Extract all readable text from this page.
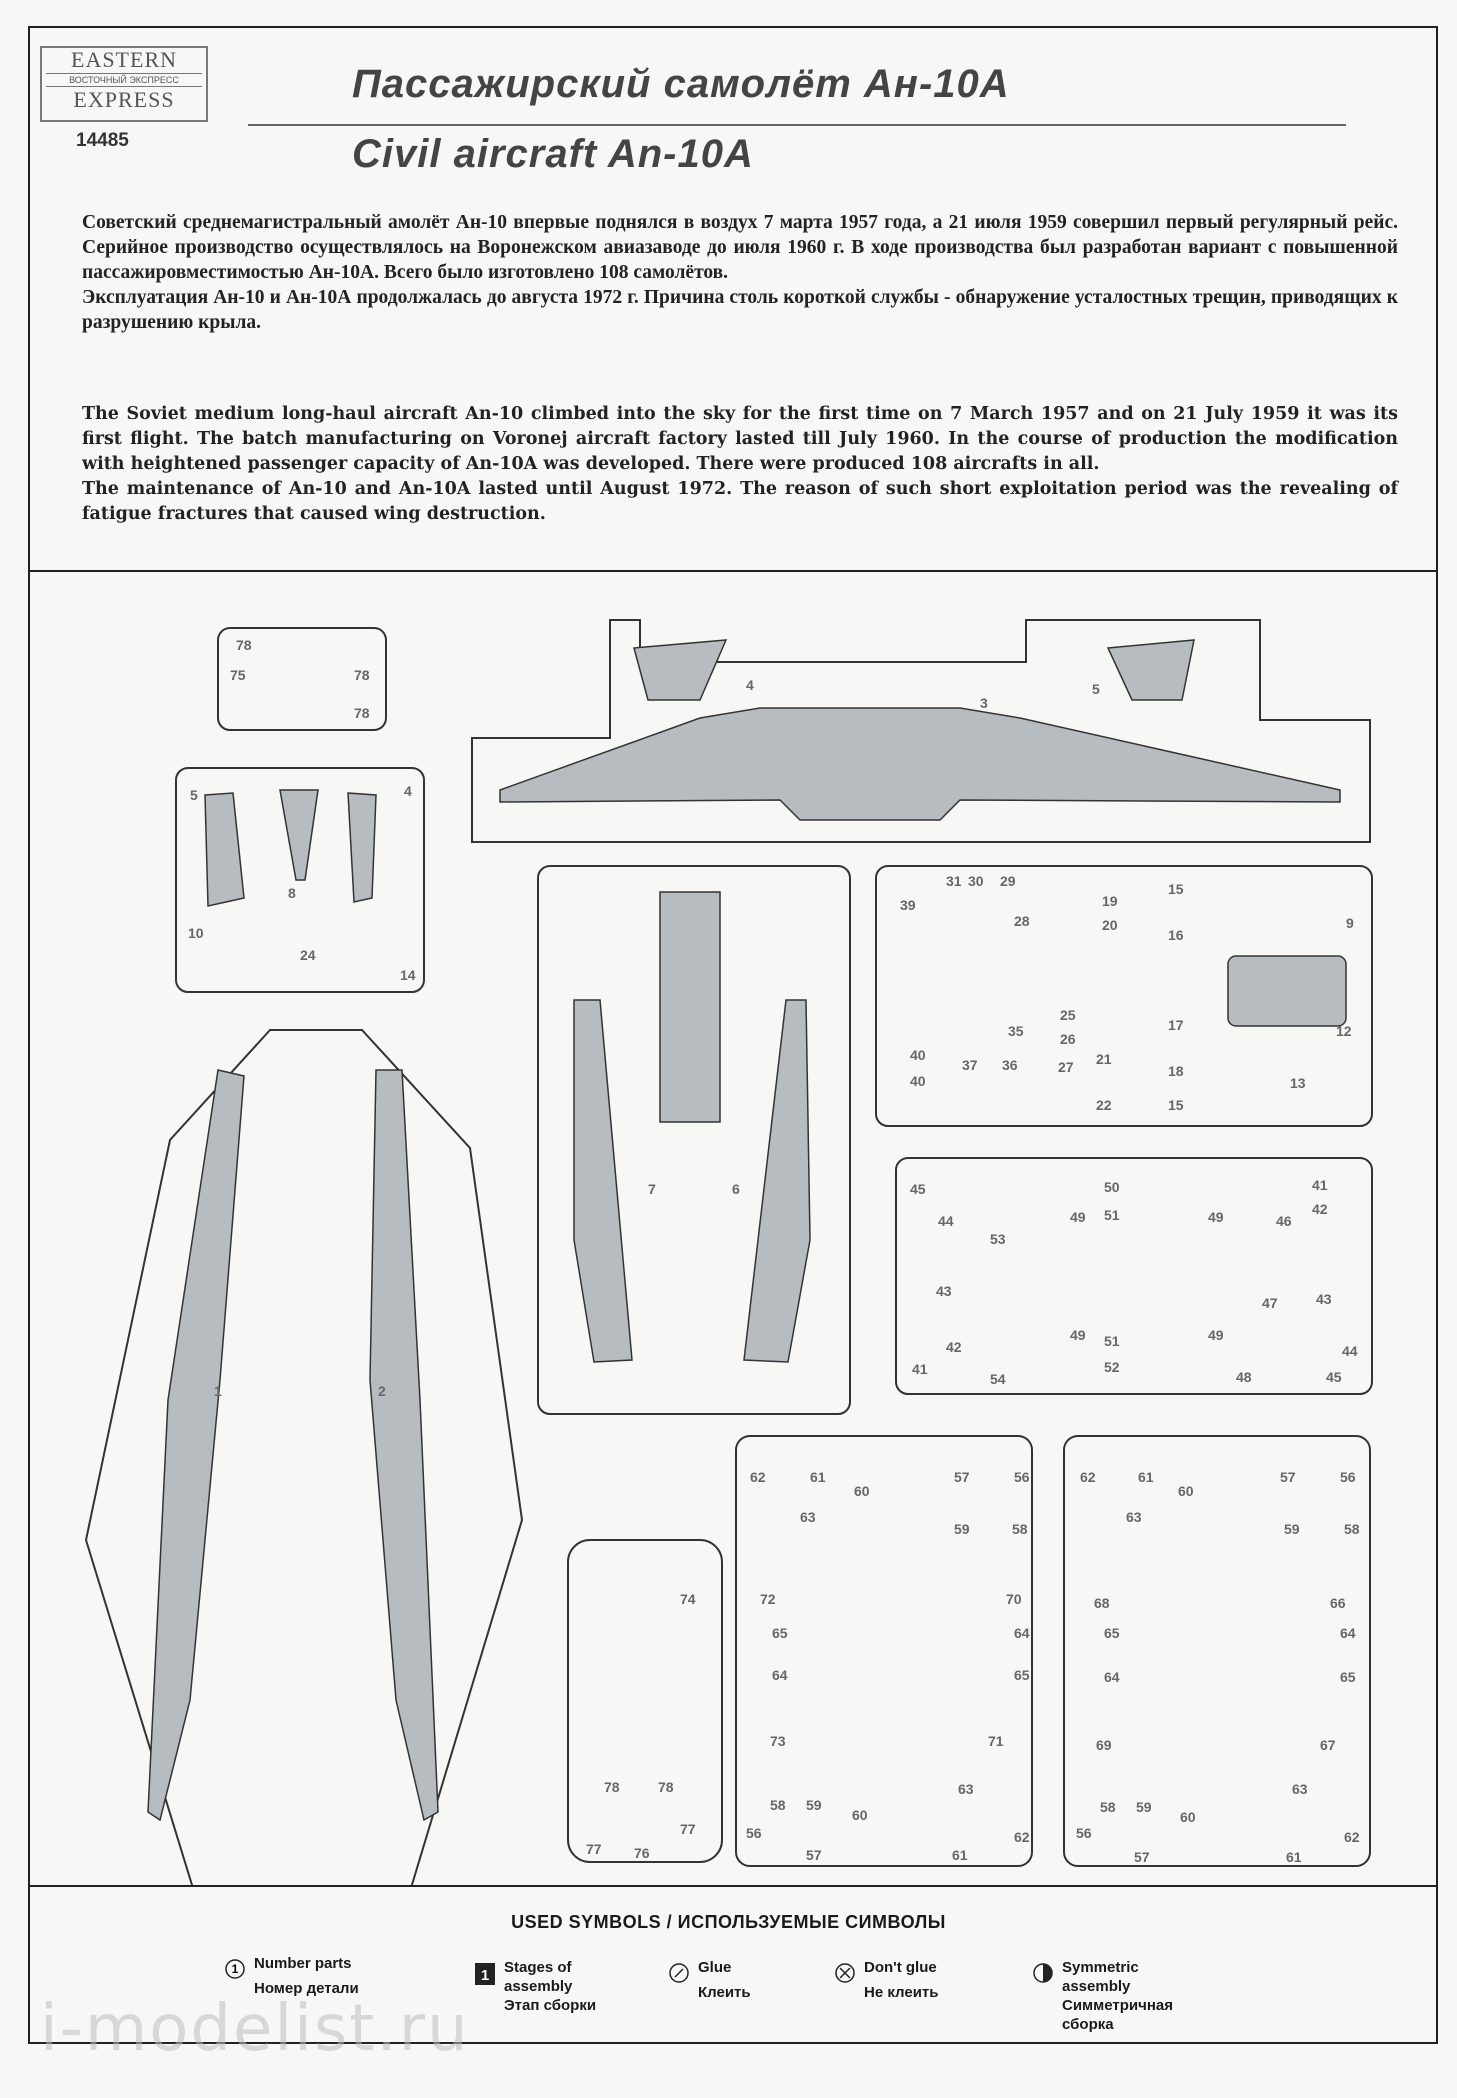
EASTERN
ВОСТОЧНЫЙ ЭКСПРЕСС
EXPRESS
14485
Пассажирский самолёт Ан-10А
Civil aircraft An-10A

Советский среднемагистральный амолёт Ан-10 впервые поднялся в воздух 7 марта 1957 года, а 21 июля 1959 совершил первый регулярный рейс. Серийное производство осуществлялось на Воронежском авиазаводе до июля 1960 г. В ходе производства был разработан вариант с повышенной пассажировместимостью Ан-10А. Всего было изготовлено 108 самолётов.

Эксплуатация Ан-10 и Ан-10А продолжалась до августа 1972 г. Причина столь короткой службы - обнаружение усталостных трещин, приводящих к разрушению крыла.

The Soviet medium long-haul aircraft An-10 climbed into the sky for the first time on 7 March 1957 and on 21 July 1959 it was its first flight. The batch manufacturing on Voronej aircraft factory lasted till July 1960. In the course of production the modification with heightened passenger capacity of An-10A was developed. There were produced 108 aircrafts in all.

The maintenance of An-10 and An-10A lasted until August 1972. The reason of such short exploitation period was the revealing of fatigue fractures that caused wing destruction.

78
75	78
78
4
3
5
5
8
4
10
24
14
1	2
7	6
39
31 30 29
28
19
20
15
16
9
35
25
26
17	12
13
40
40
37 36	27 21
22
18
15
45
44
53
49
50
51	49	46
41
42
43
47	43
49 51
52
49
48
44
45
42
41
54
62	61
60
57	56
63
59	58
72	70
65
64
64
65
73	71
58 59
60
63
56
57	61
62
62	61
60
57	56
63
59	58
68	66
65
64
64
65
69	67
58 59
60
63
56
57	61
62
74
78	78
77 76
77
USED SYMBOLS / ИСПОЛЬЗУЕМЫЕ СИМВОЛЫ
1 Number parts
Номер детали
1 Stages of assembly
Этап сборки
Glue
Клеить
Don't glue
Не клеить
Symmetric assembly
Симметричная сборка
i-modelist.ru
